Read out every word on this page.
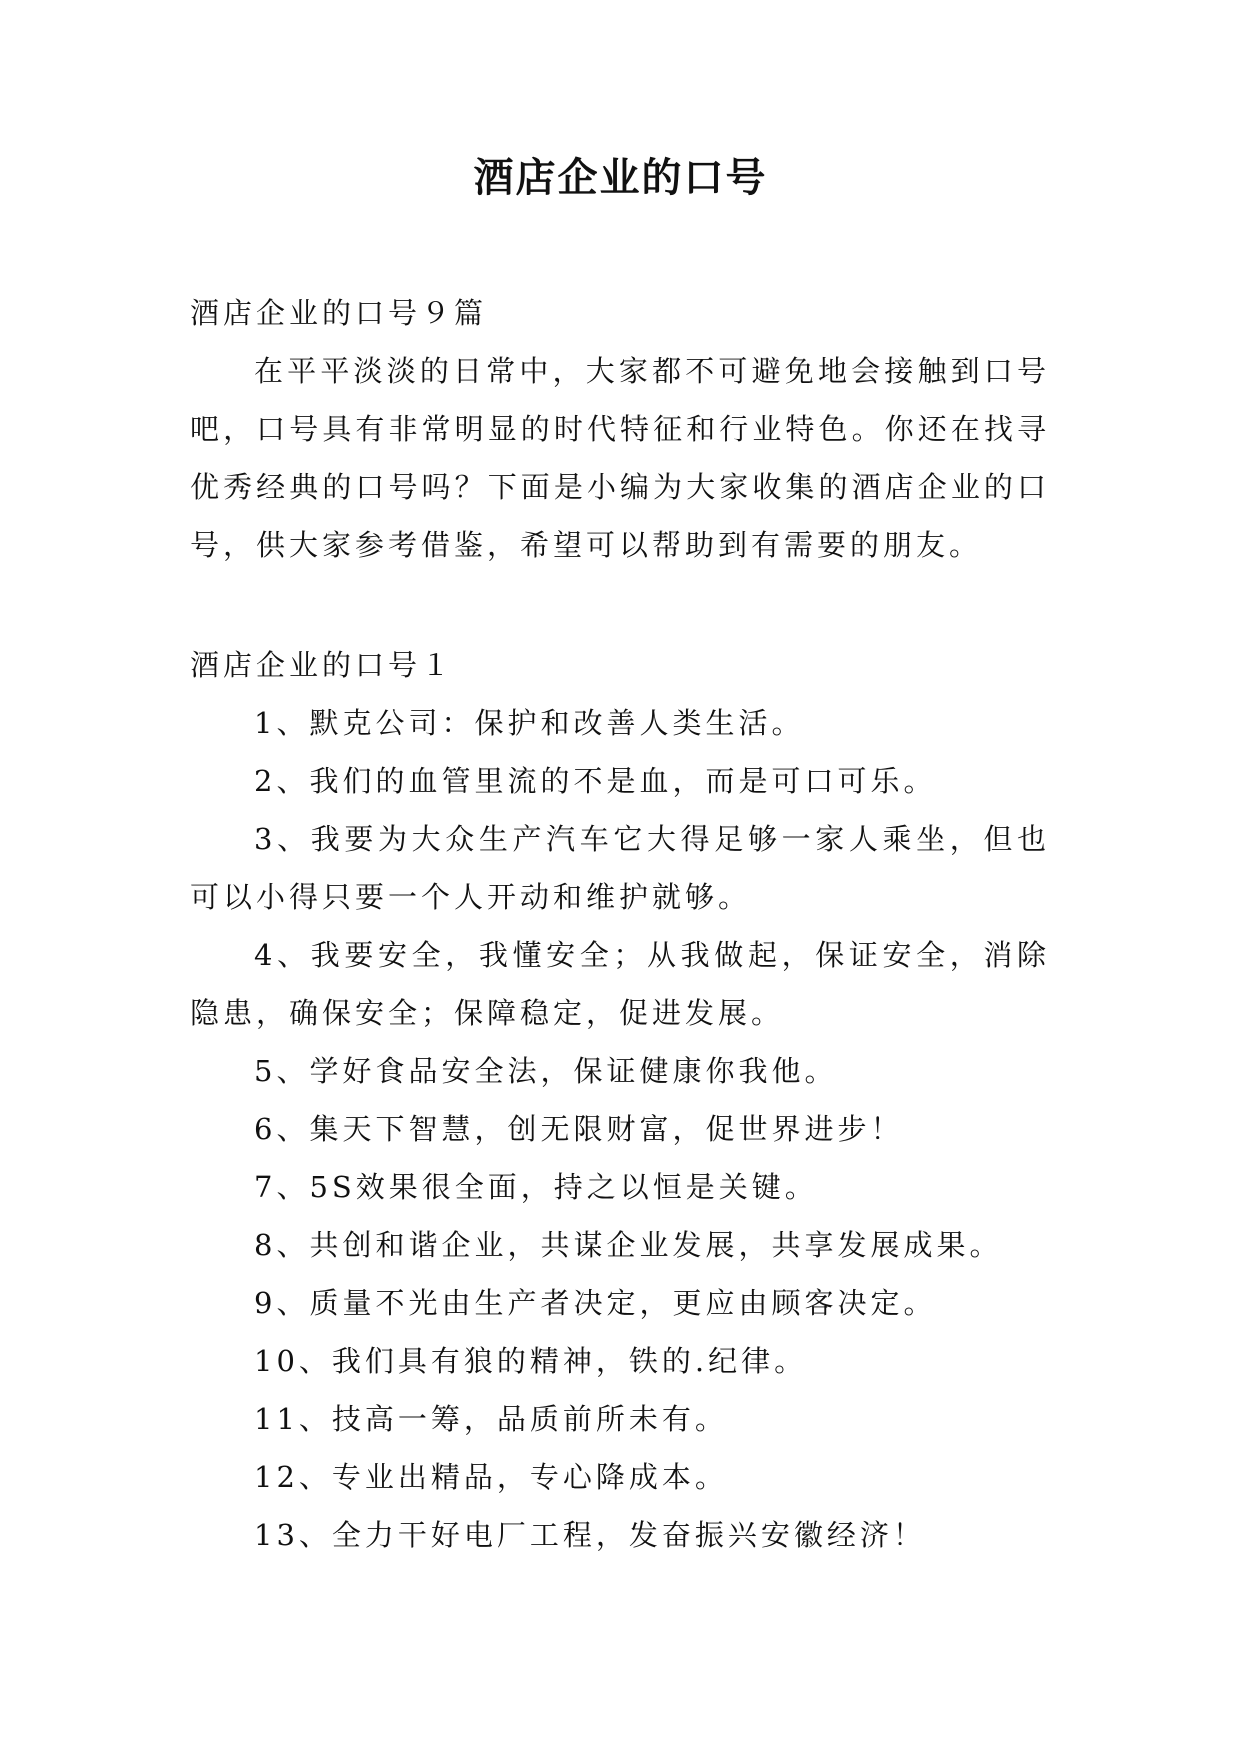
酒店企业的口号

酒店企业的口号９篇

在平平淡淡的日常中，大家都不可避免地会接触到口号吧，口号具有非常明显的时代特征和行业特色。你还在找寻优秀经典的口号吗？下面是小编为大家收集的酒店企业的口号，供大家参考借鉴，希望可以帮助到有需要的朋友。

酒店企业的口号１

1、默克公司：保护和改善人类生活。

2、我们的血管里流的不是血，而是可口可乐。

3、我要为大众生产汽车它大得足够一家人乘坐，但也可以小得只要一个人开动和维护就够。

4、我要安全，我懂安全；从我做起，保证安全，消除隐患，确保安全；保障稳定，促进发展。

5、学好食品安全法，保证健康你我他。

6、集天下智慧，创无限财富，促世界进步！

7、5S效果很全面，持之以恒是关键。

8、共创和谐企业，共谋企业发展，共享发展成果。

9、质量不光由生产者决定，更应由顾客决定。

10、我们具有狼的精神，铁的.纪律。

11、技高一筹，品质前所未有。

12、专业出精品，专心降成本。

13、全力干好电厂工程，发奋振兴安徽经济！
